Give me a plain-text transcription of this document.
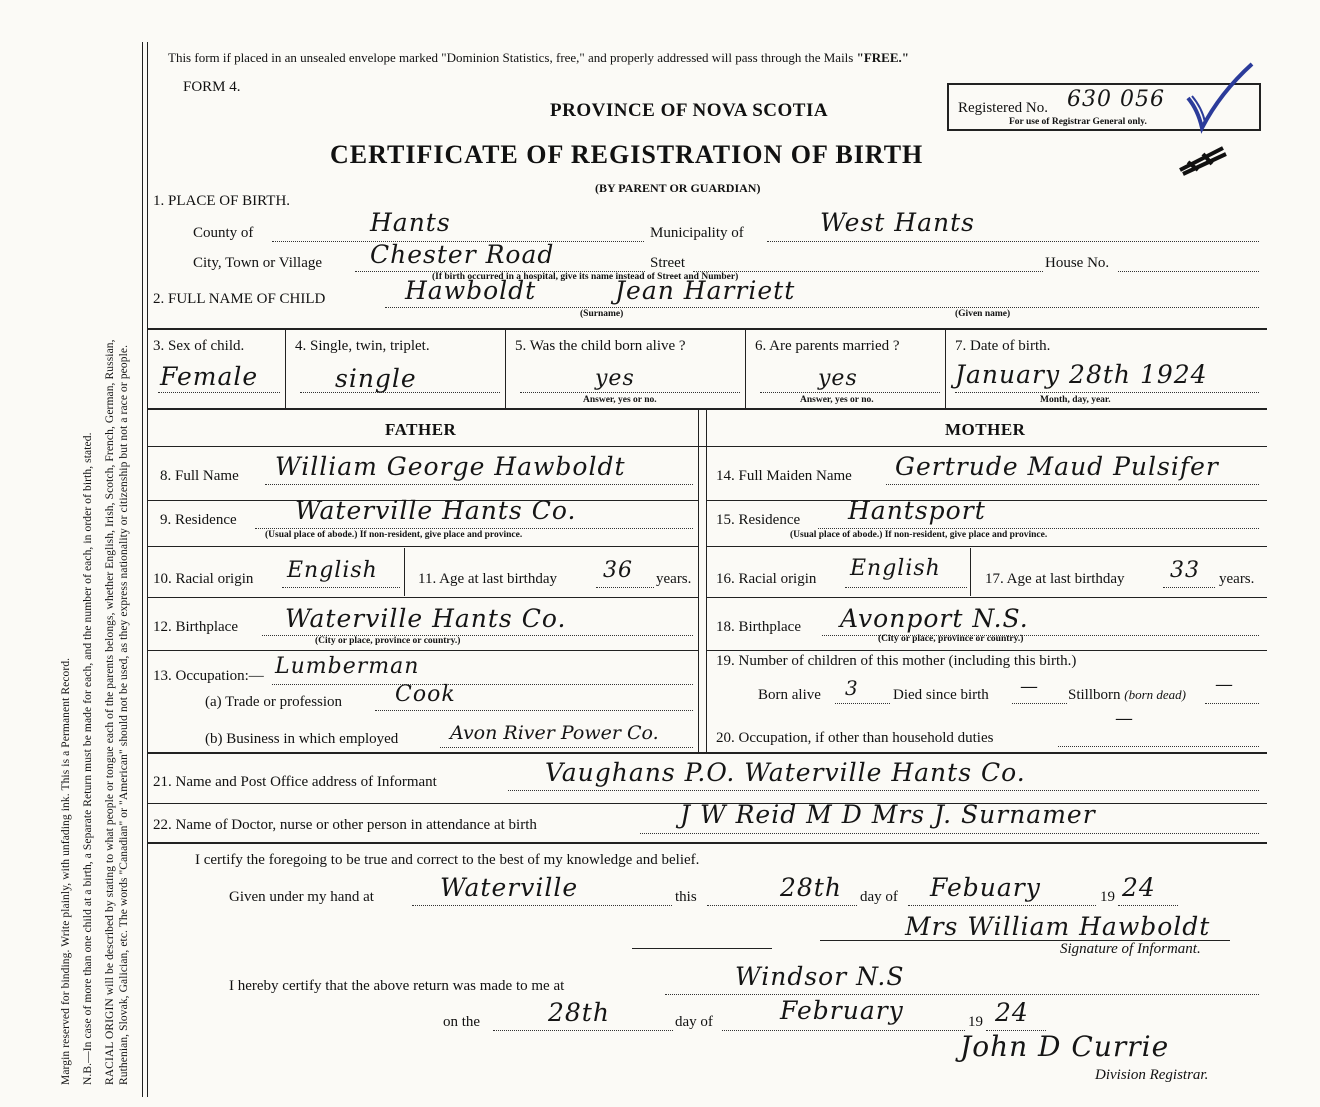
Margin reserved for binding. Write plainly, with unfading ink. This is a Permanent Record. N.B.—In case of more than one child at a birth, a Separate Return must be made for each, and the number of each, in order of birth, stated. RACIAL ORIGIN will be described by stating to what people or tongue each of the parents belongs, whether English, Irish, Scotch, French, German, Russian, Ruthenian, Slovak, Galician, etc. The words "Canadian" or "American" should not be used, as they express nationality or citizenship but not a race or people.
This form if placed in an unsealed envelope marked "Dominion Statistics, free," and properly addressed will pass through the Mails "FREE."
FORM 4.
PROVINCE OF NOVA SCOTIA
CERTIFICATE OF REGISTRATION OF BIRTH
(BY PARENT OR GUARDIAN)
Registered No. 630 056
For use of Registrar General only.
1. PLACE OF BIRTH.
County of	Hants	Municipality of	West Hants
City, Town or Village Chester Road	Street	House No.
(If birth occurred in a hospital, give its name instead of Street and Number)
2. FULL NAME OF CHILD	Hawboldt	Jean Harriett
(Surname)	(Given name)
3. Sex of child.
Female
4. Single, twin, triplet.
single
5. Was the child born alive ?
yes
Answer, yes or no.
6. Are parents married ?
yes
Answer, yes or no.
7. Date of birth.
January 28th 1924
Month, day, year.
FATHER	MOTHER
8. Full Name William George Hawboldt
9. Residence Waterville Hants Co.
(Usual place of abode.) If non-resident, give place and province.
10. Racial origin English	11. Age at last birthday 36 years.
12. Birthplace Waterville Hants Co.
(City or place, province or country.)
13. Occupation:— Lumberman
(a) Trade or profession Cook
(b) Business in which employed	Avon River Power Co.
14. Full Maiden Name Gertrude Maud Pulsifer
15. Residence Hantsport
(Usual place of abode.) If non-resident, give place and province.
16. Racial origin English	17. Age at last birthday 33 years.
18. Birthplace Avonport N.S.
(City or place, province or country.)
19. Number of children of this mother (including this birth.)
Born alive 3 Died since birth — Stillborn (born dead) —
—
20. Occupation, if other than household duties
21. Name and Post Office address of Informant	Vaughans P.O. Waterville Hants Co.
22. Name of Doctor, nurse or other person in attendance at birth	J W Reid M D Mrs J. Surnamer
I certify the foregoing to be true and correct to the best of my knowledge and belief.
Given under my hand at	Waterville	this	28th day of Febuary	19 24
Mrs William Hawboldt
Signature of Informant.
I hereby certify that the above return was made to me at	Windsor N.S
on the	28th	day of	February	19 24
John D Currie
Division Registrar.
